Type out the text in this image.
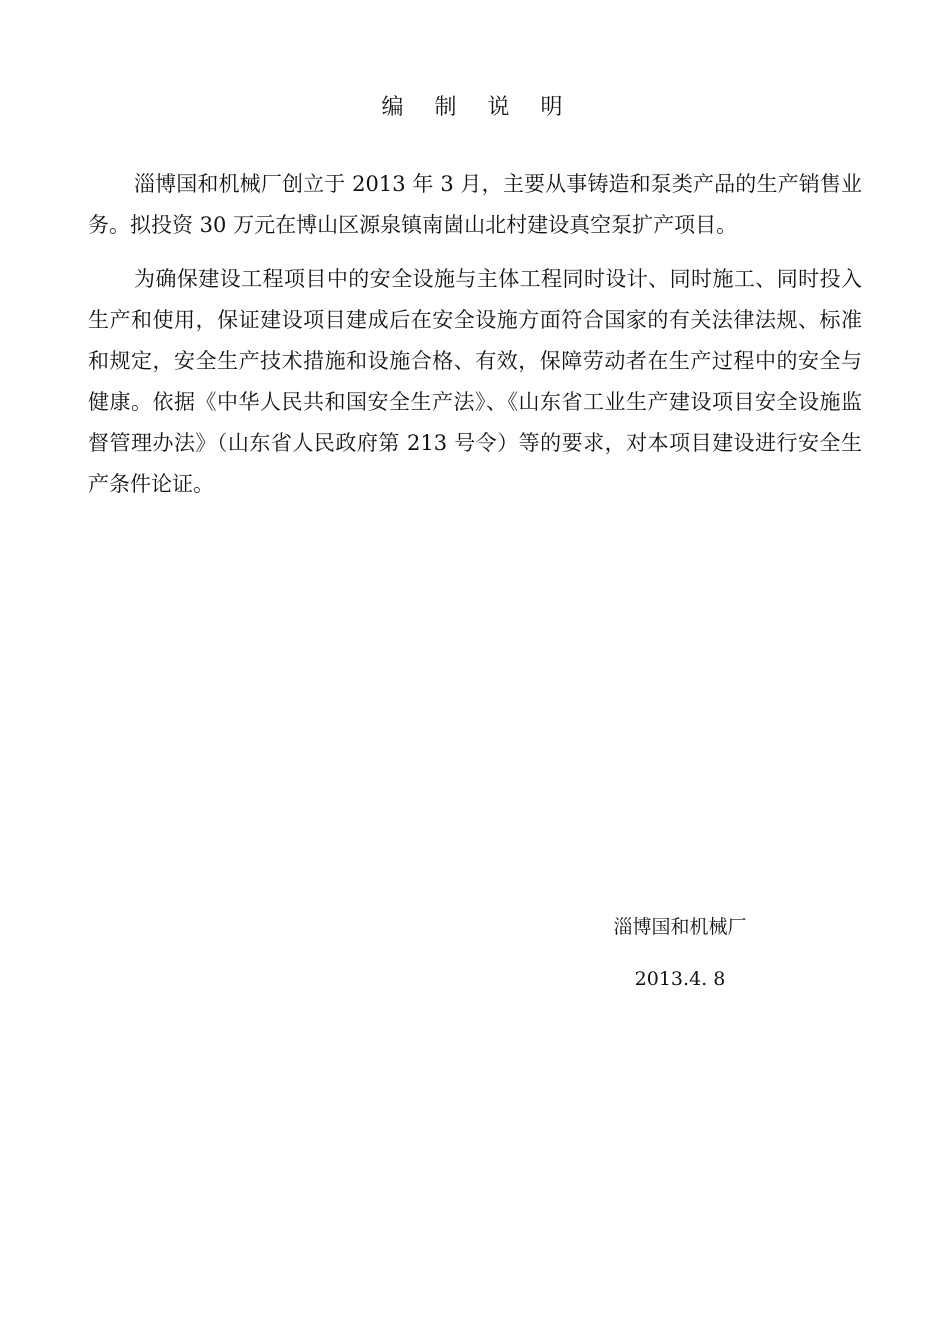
编 制 说 明

淄博国和机械厂创立于 2013 年 3 月，主要从事铸造和泵类产品的生产销售业务。拟投资 30 万元在博山区源泉镇南崮山北村建设真空泵扩产项目。

为确保建设工程项目中的安全设施与主体工程同时设计、同时施工、同时投入生产和使用，保证建设项目建成后在安全设施方面符合国家的有关法律法规、标准和规定，安全生产技术措施和设施合格、有效，保障劳动者在生产过程中的安全与健康。依据《中华人民共和国安全生产法》、《山东省工业生产建设项目安全设施监督管理办法》（山东省人民政府第 213 号令）等的要求，对本项目建设进行安全生产条件论证。

淄博国和机械厂
2013.4. 8
